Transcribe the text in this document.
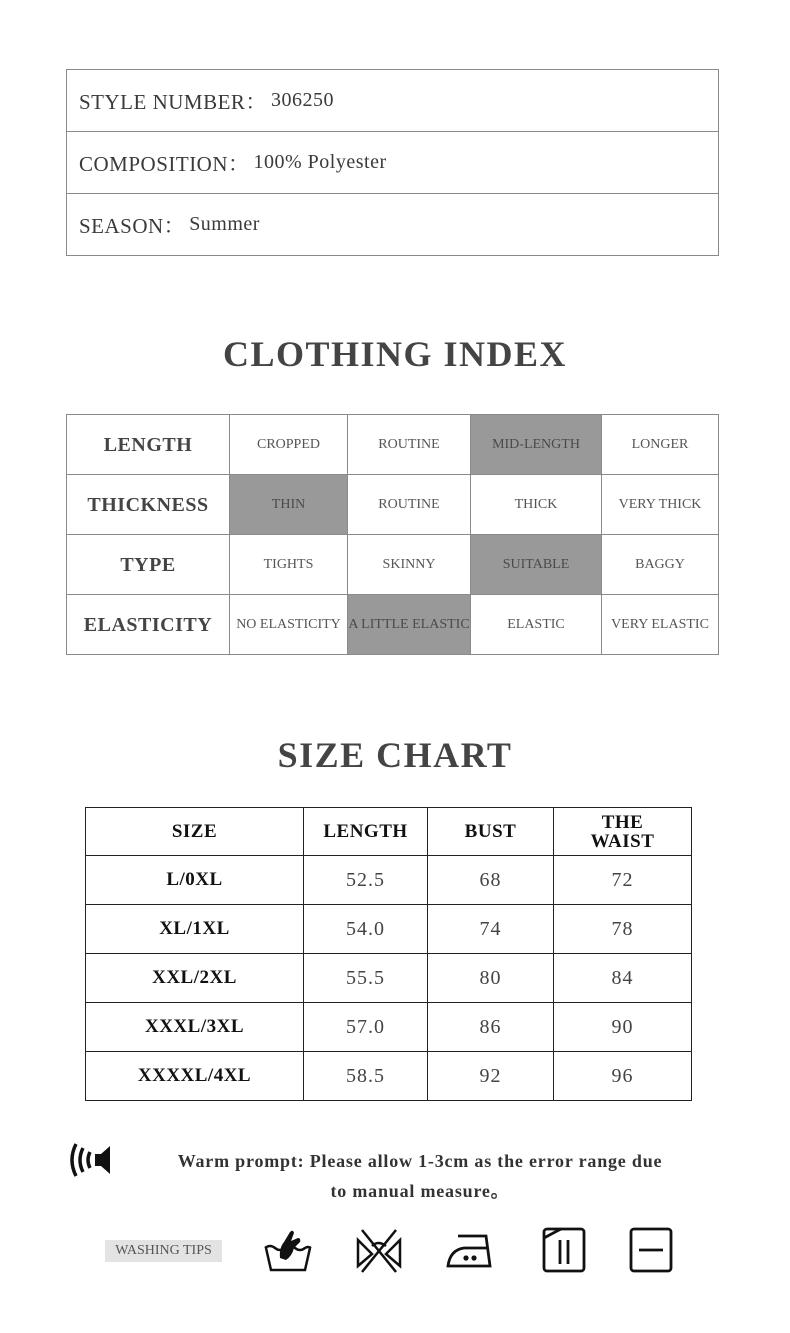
STYLE NUMBER： 306250
COMPOSITION： 100% Polyester
SEASON： Summer
CLOTHING INDEX
LENGTH	CROPPED	ROUTINE	MID-LENGTH	LONGER
THICKNESS	THIN	ROUTINE	THICK	VERY THICK
TYPE	TIGHTS	SKINNY	SUITABLE	BAGGY
ELASTICITY	NO ELASTICITY	A LITTLE ELASTIC	ELASTIC	VERY ELASTIC
SIZE CHART
SIZE	LENGTH	BUST	THE WAIST
L/0XL	52.5	68	72
XL/1XL	54.0	74	78
XXL/2XL	55.5	80	84
XXXL/3XL	57.0	86	90
XXXXL/4XL	58.5	92	96
Warm prompt: Please allow 1-3cm as the error range due
to manual measure。
WASHING TIPS
